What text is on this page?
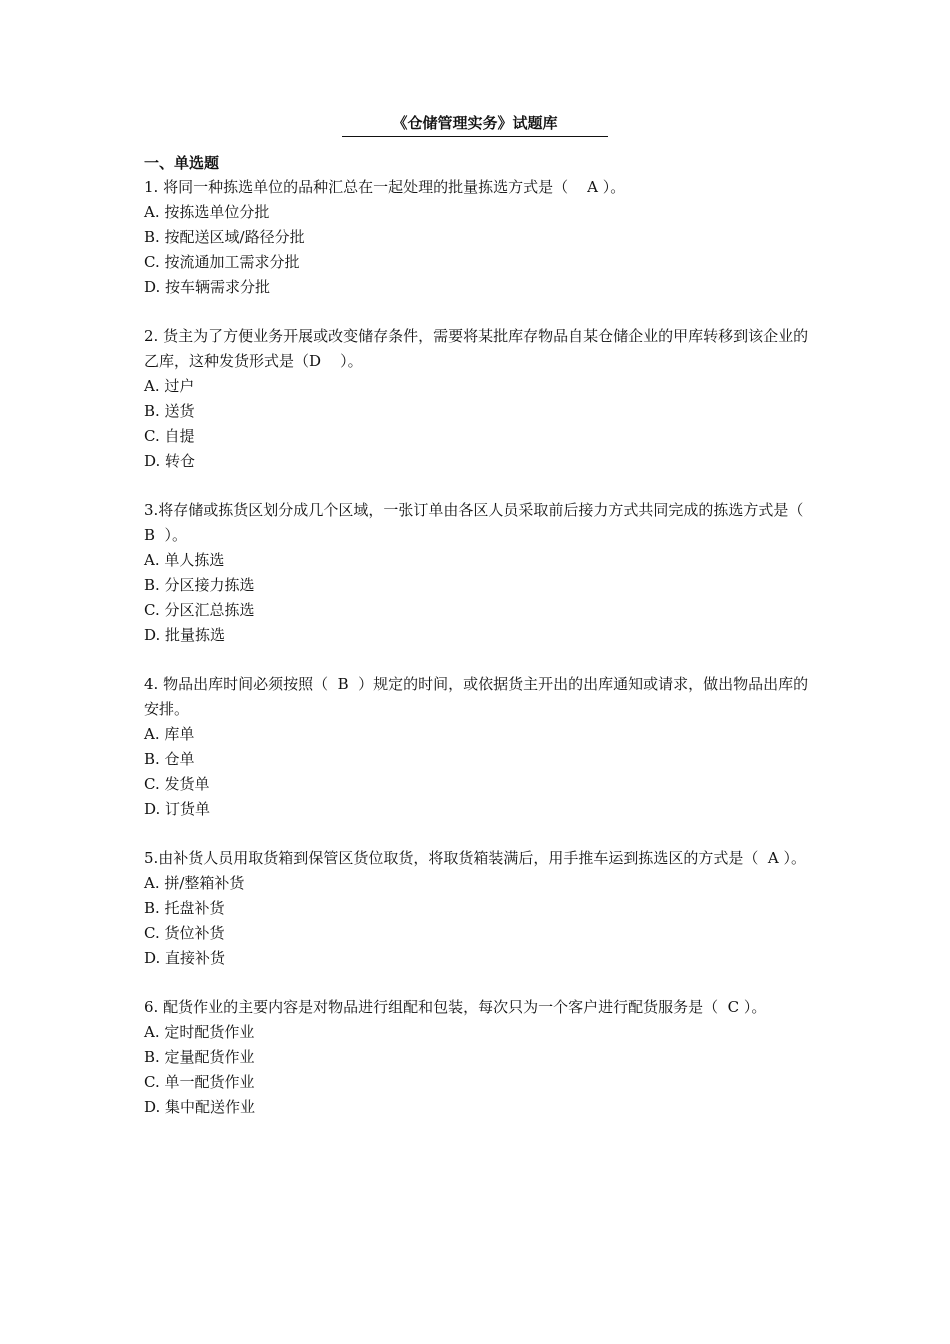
《仓储管理实务》试题库
一、单选题
1. 将同一种拣选单位的品种汇总在一起处理的批量拣选方式是（    A ）。
A. 按拣选单位分批
B. 按配送区域/路径分批
C. 按流通加工需求分批
D. 按车辆需求分批
2. 货主为了方便业务开展或改变储存条件，需要将某批库存物品自某仓储企业的甲库转移到该企业的乙库，这种发货形式是（D    ）。
A. 过户
B. 送货
C. 自提
D. 转仓
3.将存储或拣货区划分成几个区域，一张订单由各区人员采取前后接力方式共同完成的拣选方式是（  B  ）。
A. 单人拣选
B. 分区接力拣选
C. 分区汇总拣选
D. 批量拣选
4. 物品出库时间必须按照（  B  ）规定的时间，或依据货主开出的出库通知或请求，做出物品出库的安排。
A. 库单
B. 仓单
C. 发货单
D. 订货单
5.由补货人员用取货箱到保管区货位取货，将取货箱装满后，用手推车运到拣选区的方式是（  A ）。
A. 拼/整箱补货
B. 托盘补货
C. 货位补货
D. 直接补货
6. 配货作业的主要内容是对物品进行组配和包装，每次只为一个客户进行配货服务是（  C ）。
A. 定时配货作业
B. 定量配货作业
C. 单一配货作业
D. 集中配送作业
